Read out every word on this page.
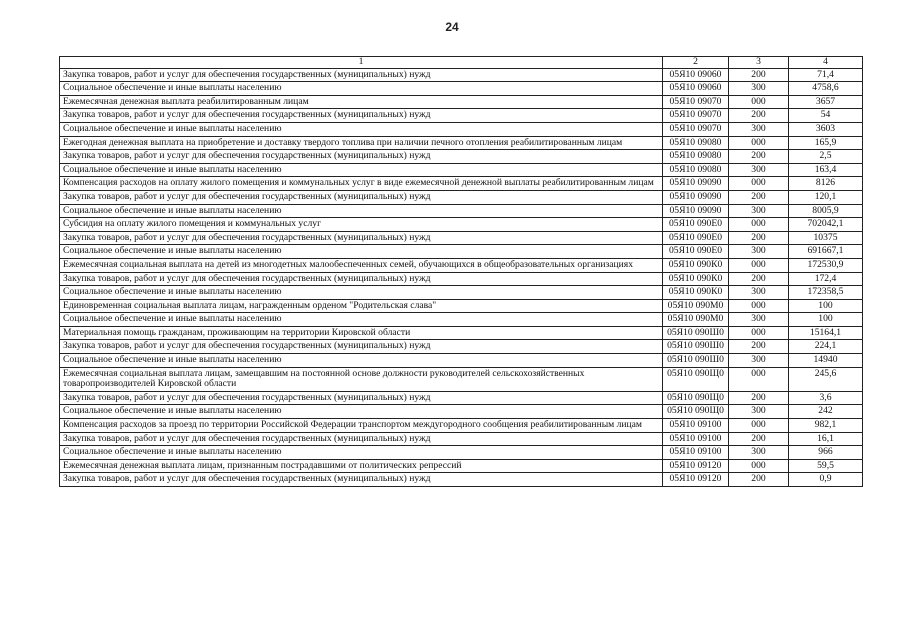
24
1	2	3	4
Закупка товаров, работ и услуг для обеспечения государственных (муниципальных) нужд	05Я10 09060	200	71,4
Социальное обеспечение и иные выплаты населению	05Я10 09060	300	4758,6
Ежемесячная денежная выплата реабилитированным лицам	05Я10 09070	000	3657
Закупка товаров, работ и услуг для обеспечения государственных (муниципальных) нужд	05Я10 09070	200	54
Социальное обеспечение и иные выплаты населению	05Я10 09070	300	3603
Ежегодная денежная выплата на приобретение и доставку твердого топлива при наличии печного отопления реабилитированным лицам	05Я10 09080	000	165,9
Закупка товаров, работ и услуг для обеспечения государственных (муниципальных) нужд	05Я10 09080	200	2,5
Социальное обеспечение и иные выплаты населению	05Я10 09080	300	163,4
Компенсация расходов на оплату жилого помещения и коммунальных услуг в виде ежемесячной денежной выплаты реабилитированным лицам	05Я10 09090	000	8126
Закупка товаров, работ и услуг для обеспечения государственных (муниципальных) нужд	05Я10 09090	200	120,1
Социальное обеспечение и иные выплаты населению	05Я10 09090	300	8005,9
Субсидия на оплату жилого помещения и коммунальных услуг	05Я10 090Е0	000	702042,1
Закупка товаров, работ и услуг для обеспечения государственных (муниципальных) нужд	05Я10 090Е0	200	10375
Социальное обеспечение и иные выплаты населению	05Я10 090Е0	300	691667,1
Ежемесячная социальная выплата на детей из многодетных малообеспеченных семей, обучающихся в общеобразовательных организациях	05Я10 090К0	000	172530,9
Закупка товаров, работ и услуг для обеспечения государственных (муниципальных) нужд	05Я10 090К0	200	172,4
Социальное обеспечение и иные выплаты населению	05Я10 090К0	300	172358,5
Единовременная социальная выплата лицам, награжденным орденом "Родительская слава"	05Я10 090М0	000	100
Социальное обеспечение и иные выплаты населению	05Я10 090М0	300	100
Материальная помощь гражданам, проживающим на территории Кировской области	05Я10 090Ш0	000	15164,1
Закупка товаров, работ и услуг для обеспечения государственных (муниципальных) нужд	05Я10 090Ш0	200	224,1
Социальное обеспечение и иные выплаты населению	05Я10 090Ш0	300	14940
Ежемесячная социальная выплата лицам, замещавшим на постоянной основе должности руководителей сельскохозяйственных товаропроизводителей Кировской области	05Я10 090Щ0	000	245,6
Закупка товаров, работ и услуг для обеспечения государственных (муниципальных) нужд	05Я10 090Щ0	200	3,6
Социальное обеспечение и иные выплаты населению	05Я10 090Щ0	300	242
Компенсация расходов за проезд по территории Российской Федерации транспортом междугородного сообщения реабилитированным лицам	05Я10 09100	000	982,1
Закупка товаров, работ и услуг для обеспечения государственных (муниципальных) нужд	05Я10 09100	200	16,1
Социальное обеспечение и иные выплаты населению	05Я10 09100	300	966
Ежемесячная денежная выплата лицам, признанным пострадавшими от политических репрессий	05Я10 09120	000	59,5
Закупка товаров, работ и услуг для обеспечения государственных (муниципальных) нужд	05Я10 09120	200	0,9
